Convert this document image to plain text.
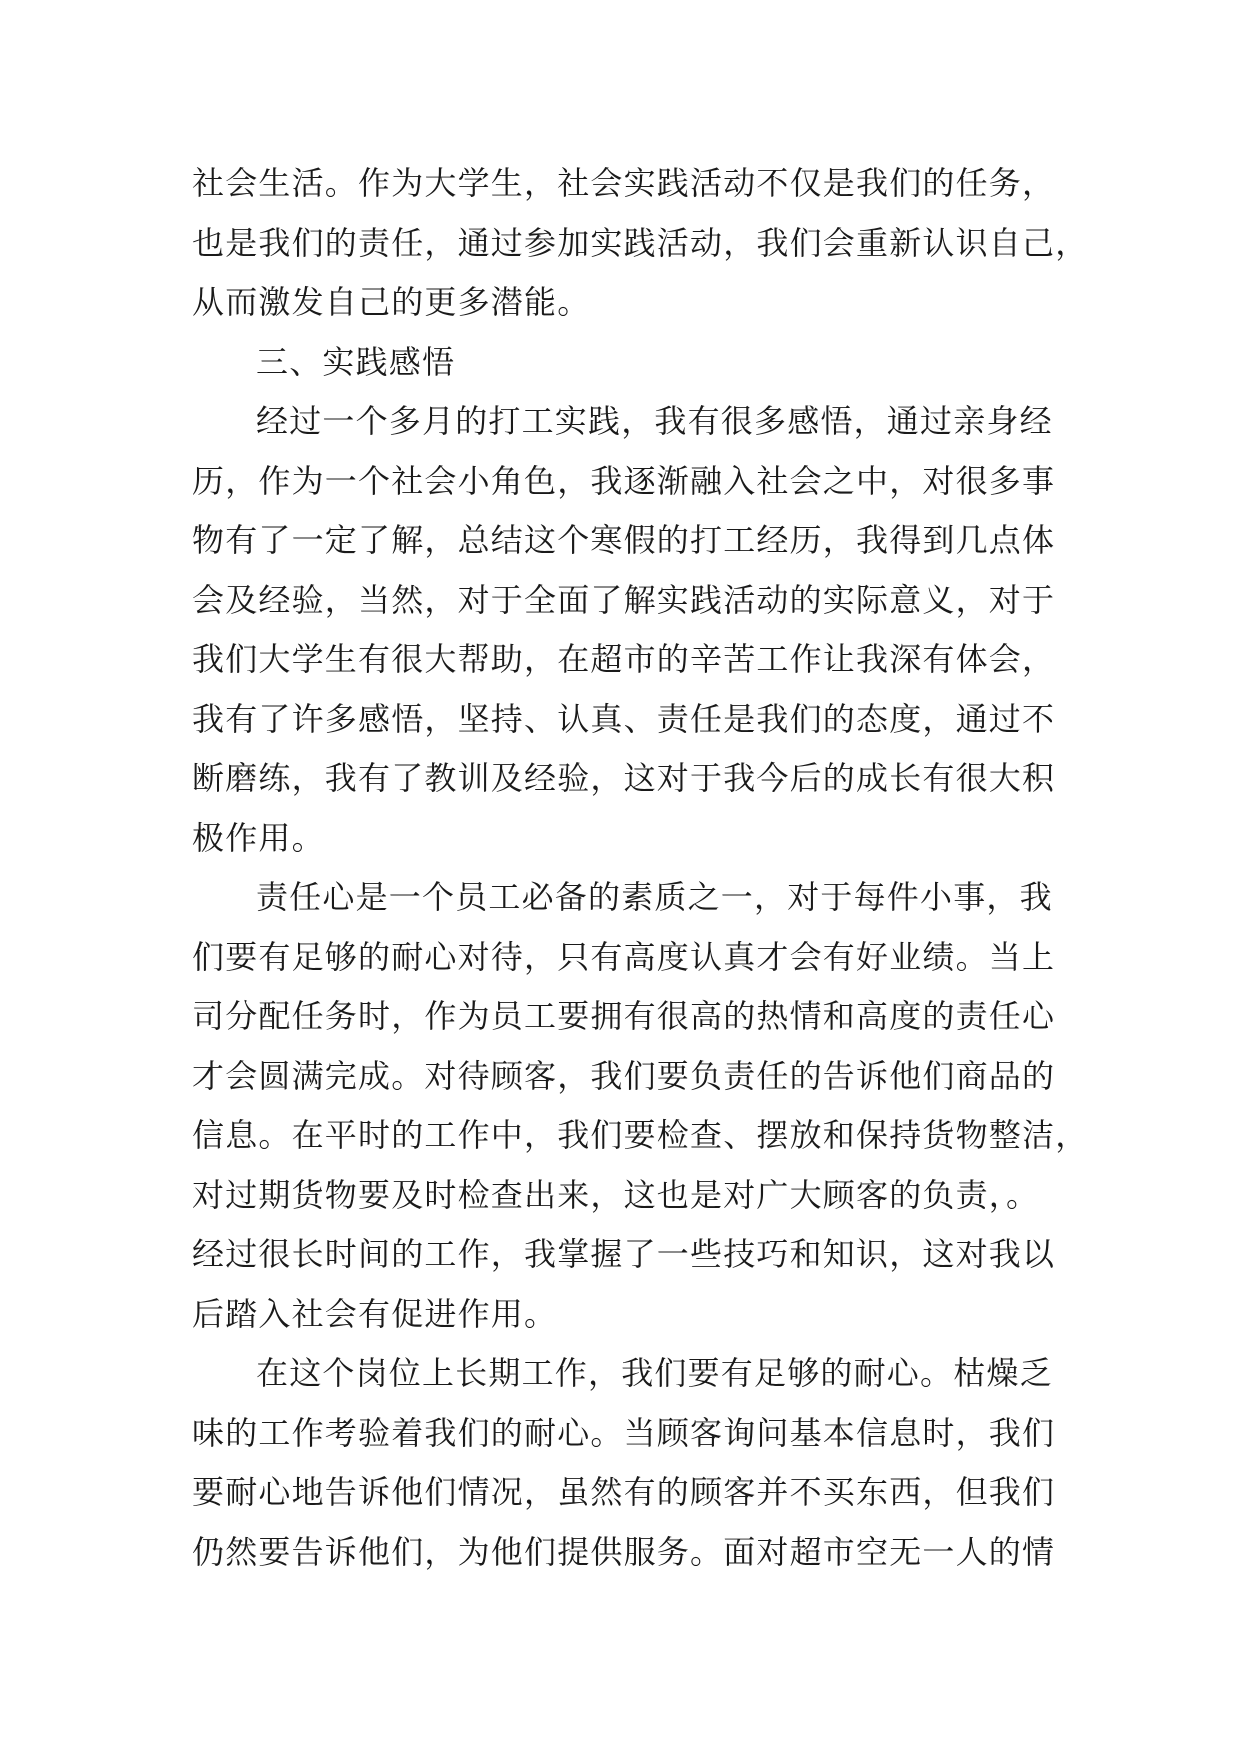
社会生活。作为大学生，社会实践活动不仅是我们的任务，
也是我们的责任，通过参加实践活动，我们会重新认识自己，
从而激发自己的更多潜能。
三、实践感悟
经过一个多月的打工实践，我有很多感悟，通过亲身经
历，作为一个社会小角色，我逐渐融入社会之中，对很多事
物有了一定了解，总结这个寒假的打工经历，我得到几点体
会及经验，当然，对于全面了解实践活动的实际意义，对于
我们大学生有很大帮助，在超市的辛苦工作让我深有体会，
我有了许多感悟，坚持、认真、责任是我们的态度，通过不
断磨练，我有了教训及经验，这对于我今后的成长有很大积
极作用。
责任心是一个员工必备的素质之一，对于每件小事，我
们要有足够的耐心对待，只有高度认真才会有好业绩。当上
司分配任务时，作为员工要拥有很高的热情和高度的责任心
才会圆满完成。对待顾客，我们要负责任的告诉他们商品的
信息。在平时的工作中，我们要检查、摆放和保持货物整洁，
对过期货物要及时检查出来，这也是对广大顾客的负责，。
经过很长时间的工作，我掌握了一些技巧和知识，这对我以
后踏入社会有促进作用。
在这个岗位上长期工作，我们要有足够的耐心。枯燥乏
味的工作考验着我们的耐心。当顾客询问基本信息时，我们
要耐心地告诉他们情况，虽然有的顾客并不买东西，但我们
仍然要告诉他们，为他们提供服务。面对超市空无一人的情
